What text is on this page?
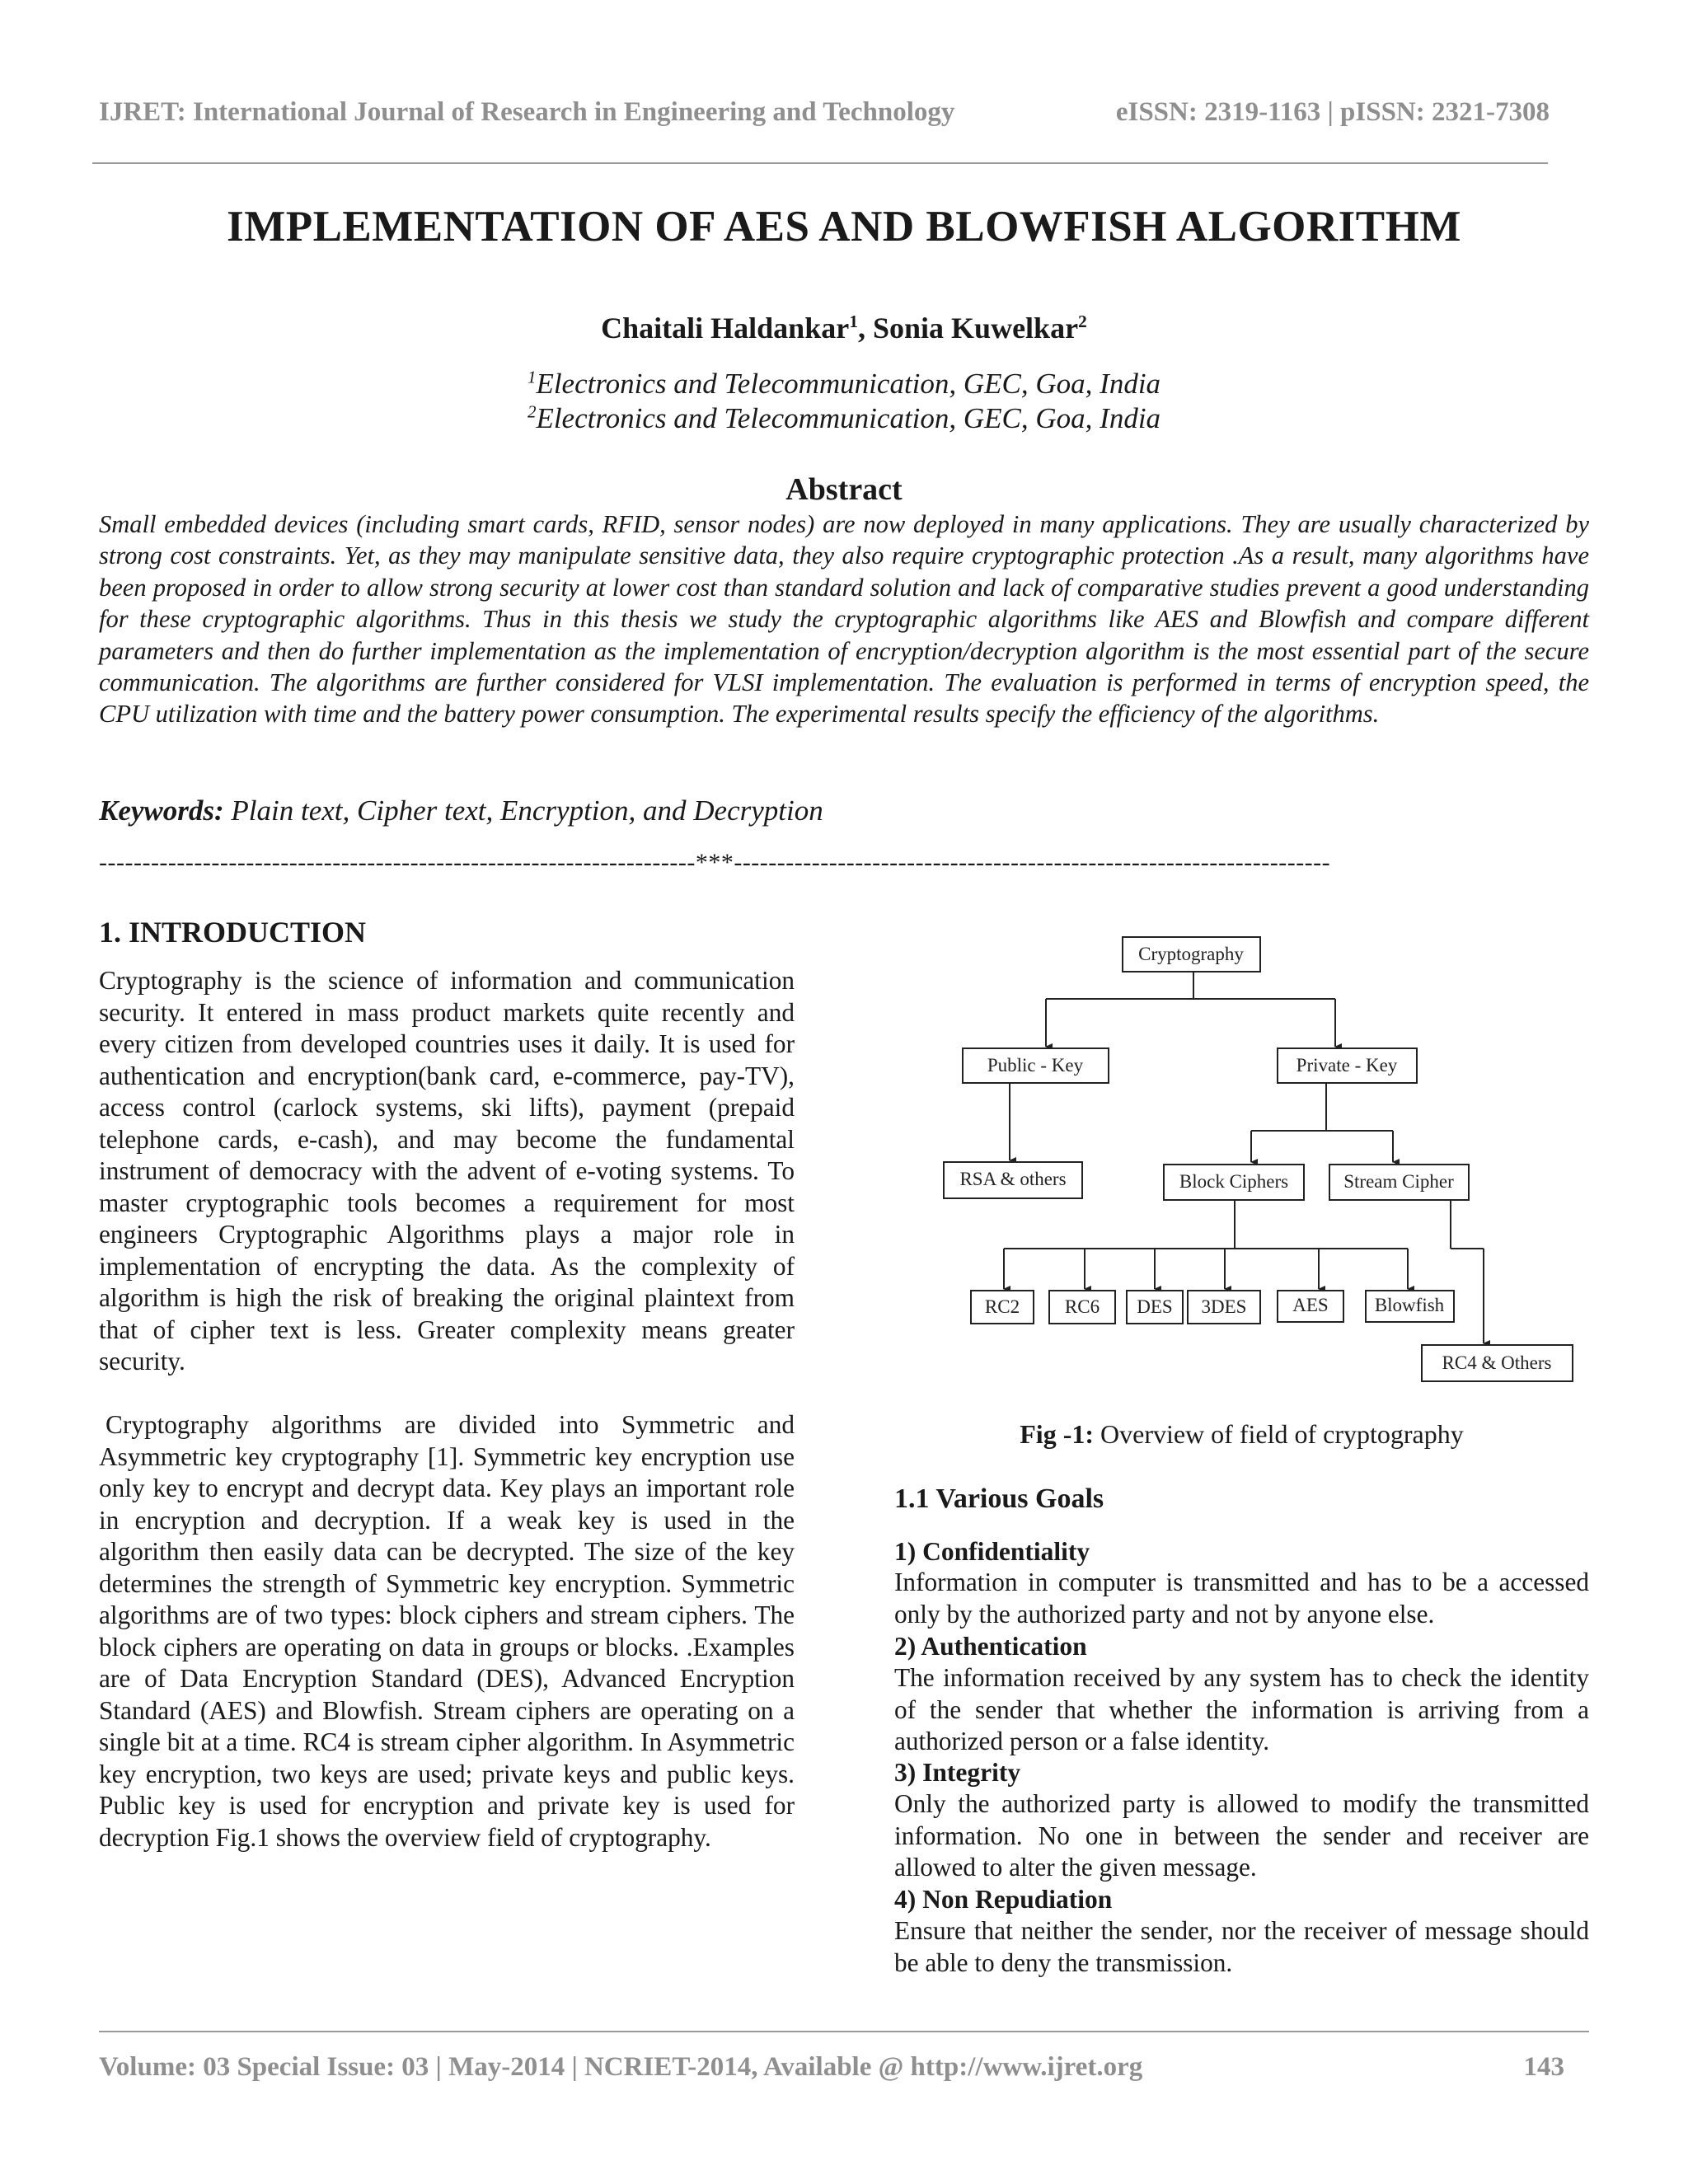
IJRET: International Journal of Research in Engineering and Technology	eISSN: 2319-1163 | pISSN: 2321-7308
IMPLEMENTATION OF AES AND BLOWFISH ALGORITHM
Chaitali Haldankar$^1$, Sonia Kuwelkar$^2$
$^1$Electronics and Telecommunication, GEC, Goa, India
$^2$Electronics and Telecommunication, GEC, Goa, India
Abstract

Small embedded devices (including smart cards, RFID, sensor nodes) are now deployed in many applications. They are usually characterized by strong cost constraints. Yet, as they may manipulate sensitive data, they also require cryptographic protection .As a result, many algorithms have been proposed in order to allow strong security at lower cost than standard solution and lack of comparative studies prevent a good understanding for these cryptographic algorithms. Thus in this thesis we study the cryptographic algorithms like AES and Blowfish and compare different parameters and then do further implementation as the implementation of encryption/decryption algorithm is the most essential part of the secure communication. The algorithms are further considered for VLSI implementation. The evaluation is performed in terms of encryption speed, the CPU utilization with time and the battery power consumption. The experimental results specify the efficiency of the algorithms.

Keywords: Plain text, Cipher text, Encryption, and Decryption
---------------------------------------------------------------------***---------------------------------------------------------------------
1. INTRODUCTION

Cryptography is the science of information and communication security. It entered in mass product markets quite recently and every citizen from developed countries uses it daily. It is used for authentication and encryption(bank card, e-commerce, pay-TV), access control (carlock systems, ski lifts), payment (prepaid telephone cards, e-cash), and may become the fundamental instrument of democracy with the advent of e-voting systems. To master cryptographic tools becomes a requirement for most engineers Cryptographic Algorithms plays a major role in implementation of encrypting the data. As the complexity of algorithm is high the risk of breaking the original plaintext from that of cipher text is less. Greater complexity means greater security.

Cryptography algorithms are divided into Symmetric and Asymmetric key cryptography [1]. Symmetric key encryption use only key to encrypt and decrypt data. Key plays an important role in encryption and decryption. If a weak key is used in the algorithm then easily data can be decrypted. The size of the key determines the strength of Symmetric key encryption. Symmetric algorithms are of two types: block ciphers and stream ciphers. The block ciphers are operating on data in groups or blocks. .Examples are of Data Encryption Standard (DES), Advanced Encryption Standard (AES) and Blowfish. Stream ciphers are operating on a single bit at a time. RC4 is stream cipher algorithm. In Asymmetric key encryption, two keys are used; private keys and public keys. Public key is used for encryption and private key is used for decryption Fig.1 shows the overview field of cryptography.

Cryptography
Public - Key	Private - Key
RSA & others	Block Ciphers	Stream Cipher
RC2 RC6 DES 3DES AES Blowfish
RC4 & Others
Fig -1: Overview of field of cryptography
1.1 Various Goals
1) Confidentiality

Information in computer is transmitted and has to be a accessed only by the authorized party and not by anyone else.

2) Authentication

The information received by any system has to check the identity of the sender that whether the information is arriving from a authorized person or a false identity.

3) Integrity

Only the authorized party is allowed to modify the transmitted information. No one in between the sender and receiver are allowed to alter the given message.

4) Non Repudiation

Ensure that neither the sender, nor the receiver of message should be able to deny the transmission.

Volume: 03 Special Issue: 03 | May-2014 | NCRIET-2014, Available @ http://www.ijret.org	143
